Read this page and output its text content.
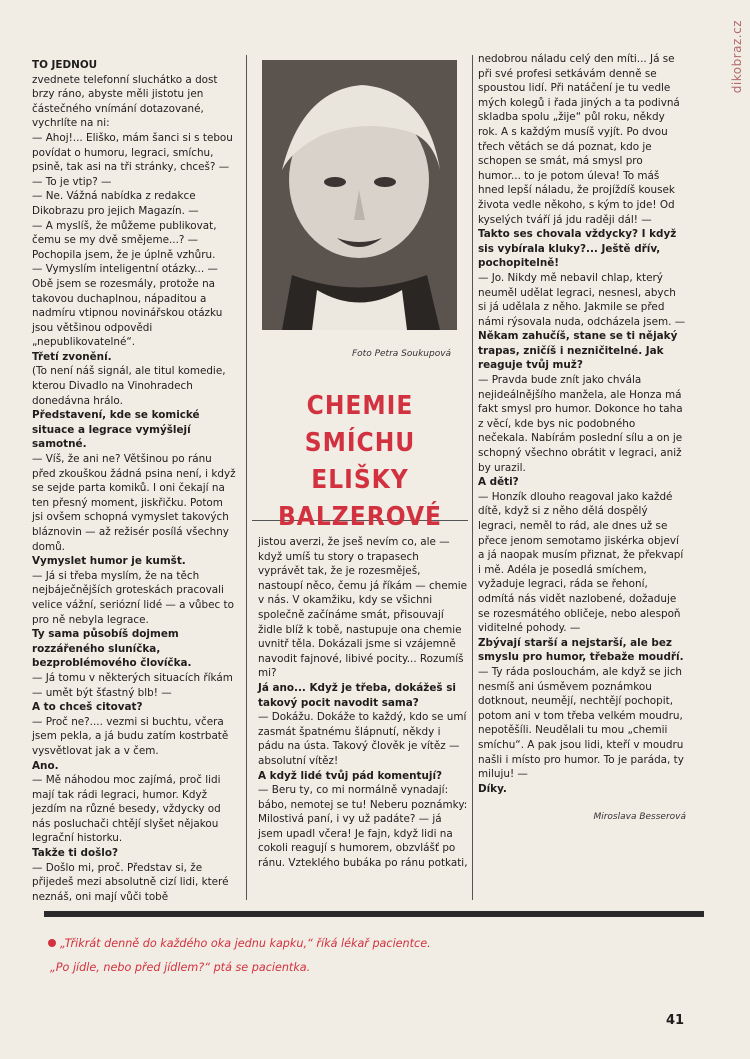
dikobraz.cz

TO JEDNOU

zvednete telefonní sluchátko a dost brzy ráno, abyste měli jistotu jen částečného vnímání dotazované, vychrlíte na ni:

— Ahoj!... Eliško, mám šanci si s tebou povídat o humoru, legraci, smíchu, psině, tak asi na tři stránky, chceš? —

— To je vtip? —

— Ne. Vážná nabídka z redakce Dikobrazu pro jejich Magazín. —

— A myslíš, že můžeme publikovat, čemu se my dvě smějeme...? —

Pochopila jsem, že je úplně vzhůru.

— Vymyslím inteligentní otázky... —

Obě jsem se rozesmály, protože na takovou duchaplnou, nápaditou a nadmíru vtipnou novinářskou otázku jsou většinou odpovědi „nepublikovatelné“.

Třetí zvonění.

(To není náš signál, ale titul komedie, kterou Divadlo na Vinohradech donedávna hrálo.

Představení, kde se komické situace a legrace vymýšlejí samotné.

— Víš, že ani ne? Většinou po ránu před zkouškou žádná psina není, i když se sejde parta komiků. I oni čekají na ten přesný moment, jiskřičku. Potom jsi ovšem schopná vymyslet takových bláznovin — až režisér posílá všechny domů.

Vymyslet humor je kumšt.

— Já si třeba myslím, že na těch nejbáječnějších groteskách pracovali velice vážní, seriózní lidé — a vůbec to pro ně nebyla legrace.

Ty sama působíš dojmem rozzářeného sluníčka, bezproblémového človíčka.

— Já tomu v některých situacích říkám — umět být šťastný blb! —

A to chceš citovat?

— Proč ne?.... vezmi si buchtu, včera jsem pekla, a já budu zatím kostrbatě vysvětlovat jak a v čem.

Ano.

— Mě náhodou moc zajímá, proč lidi mají tak rádi legraci, humor. Když jezdím na různé besedy, vždycky od nás posluchači chtějí slyšet nějakou legrační historku.

Takže ti došlo?

— Došlo mi, proč. Představ si, že přijedeš mezi absolutně cizí lidi, které neznáš, oni mají vůči tobě

Foto Petra Soukupová
CHEMIE SMÍCHU
ELIŠKY
BALZEROVÉ

jistou averzi, že jseš nevím co, ale — když umíš tu story o trapasech vyprávět tak, že je rozesměješ, nastoupí něco, čemu já říkám — chemie v nás. V okamžiku, kdy se všichni společně začínáme smát, přisouvají židle blíž k tobě, nastupuje ona chemie uvnitř těla. Dokázali jsme si vzájemně navodit fajnové, libivé pocity... Rozumíš mi?

Já ano... Když je třeba, dokážeš si takový pocit navodit sama?

— Dokážu. Dokáže to každý, kdo se umí zasmát špatnému šlápnutí, někdy i pádu na ústa. Takový člověk je vítěz — absolutní vítěz!

A když lidé tvůj pád komentují?

— Beru ty, co mi normálně vynadají: bábo, nemotej se tu! Neberu poznámky: Milostivá paní, i vy už padáte? — já jsem upadl včera! Je fajn, když lidi na cokoli reagují s humorem, obzvlášť po ránu. Vzteklého bubáka po ránu potkati,

nedobrou náladu celý den míti... Já se při své profesi setkávám denně se spoustou lidí. Při natáčení je tu vedle mých kolegů i řada jiných a ta podivná skladba spolu „žije“ půl roku, někdy rok. A s každým musíš vyjít. Po dvou třech větách se dá poznat, kdo je schopen se smát, má smysl pro humor... to je potom úleva! To máš hned lepší náladu, že projíždíš kousek života vedle někoho, s kým to jde! Od kyselých tváří já jdu raději dál! —

Takto ses chovala vždycky? I když sis vybírala kluky?... Ještě dřív, pochopitelně!

— Jo. Nikdy mě nebavil chlap, který neuměl udělat legraci, nesnesl, abych si já udělala z něho. Jakmile se před námi rýsovala nuda, odcházela jsem. —

Někam zahučíš, stane se ti nějaký trapas, zničíš i nezničitelné. Jak reaguje tvůj muž?

— Pravda bude znít jako chvála nejideálnějšího manžela, ale Honza má fakt smysl pro humor. Dokonce ho taha z věcí, kde bys nic podobného nečekala. Nabírám poslední sílu a on je schopný všechno obrátit v legraci, aniž by urazil.

A děti?

— Honzík dlouho reagoval jako každé dítě, když si z něho dělá dospělý legraci, neměl to rád, ale dnes už se přece jenom semotamo jiskérka objeví a já naopak musím přiznat, že překvapí i mě. Adéla je posedlá smíchem, vyžaduje legraci, ráda se řehoní, odmítá nás vidět nazlobené, dožaduje se rozesmátého obličeje, nebo alespoň viditelné pohody. —

Zbývají starší a nejstarší, ale bez smyslu pro humor, třebaže moudří.

— Ty ráda poslouchám, ale když se jich nesmíš ani úsměvem poznámkou dotknout, neumějí, nechtějí pochopit, potom ani v tom třeba velkém moudru, nepotěšíli. Neudělali tu mou „chemii smíchu“. A pak jsou lidi, kteří v moudru našli i místo pro humor. To je paráda, ty miluju! —

Díky.

Miroslava Besserová

„Třikrát denně do každého oka jednu kapku,“ říká lékař pacientce.
„Po jídle, nebo před jídlem?“ ptá se pacientka.
41
